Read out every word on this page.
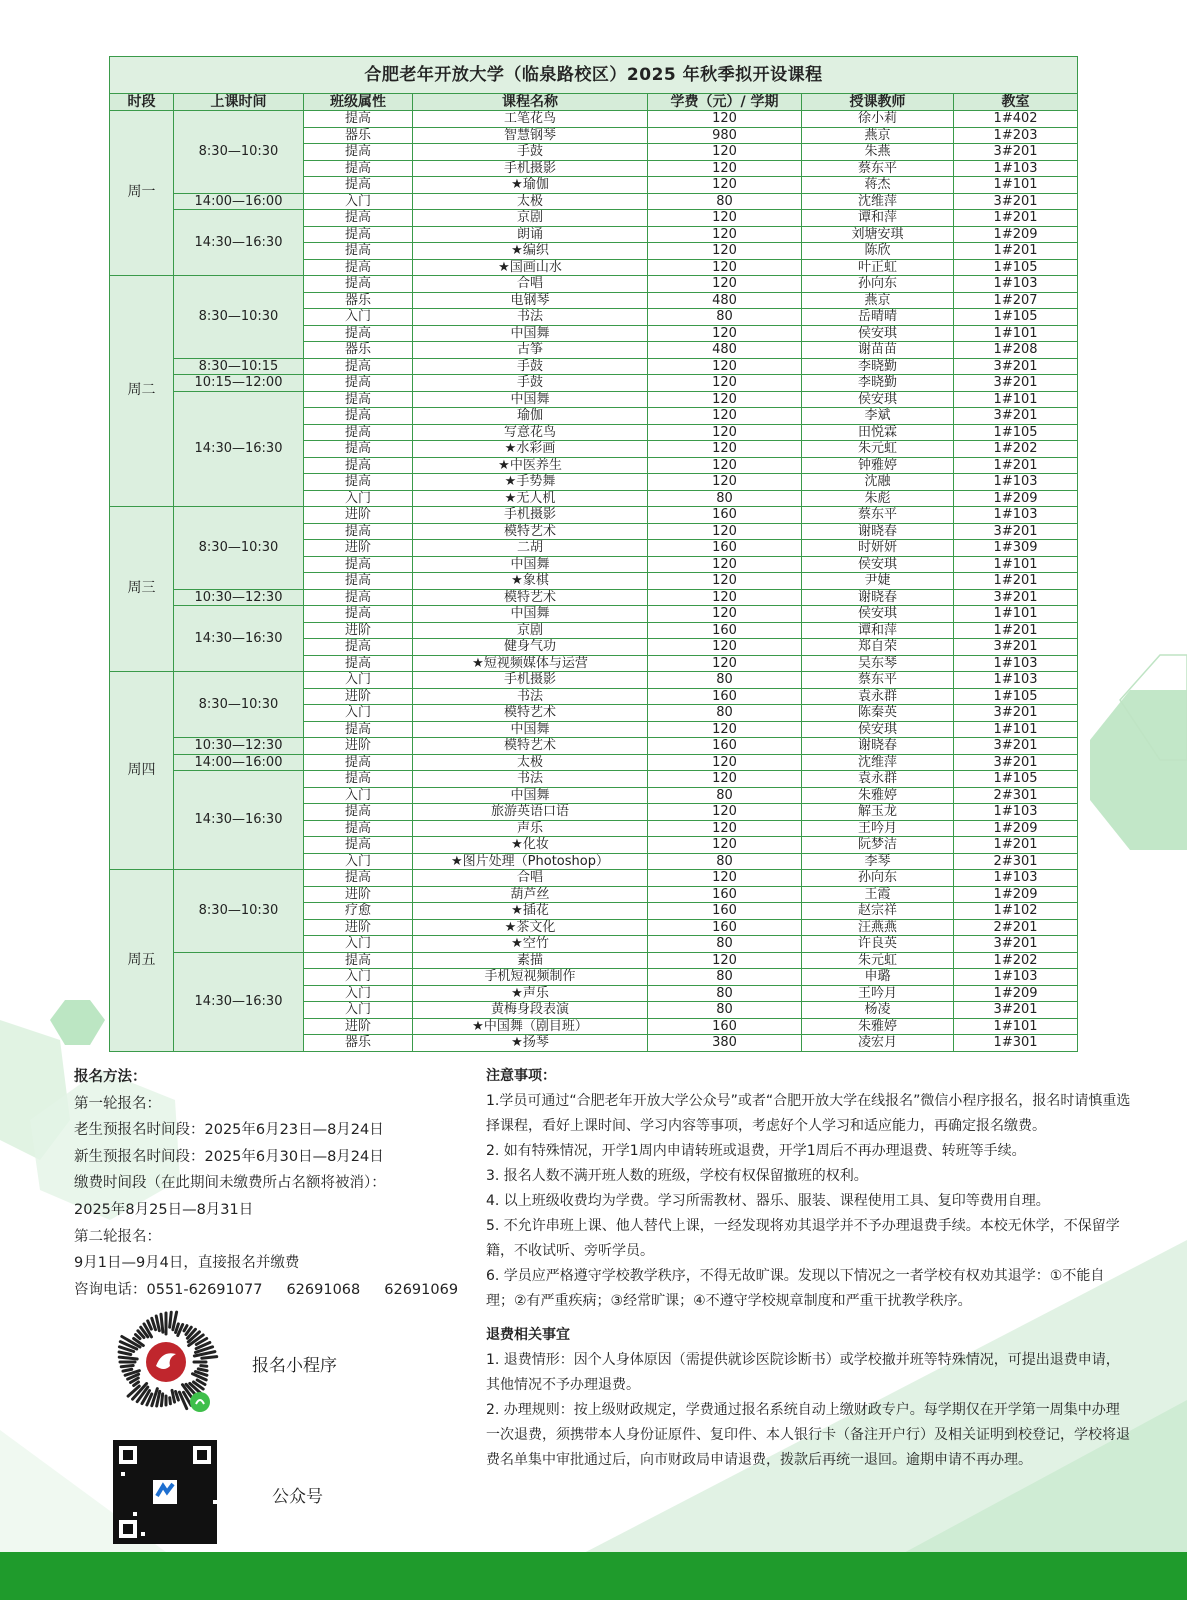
合肥老年开放大学（临泉路校区）2025 年秋季拟开设课程						
时段	上课时间	班级属性	课程名称	学费（元）/ 学期	授课教师	教室
周一	8:30—10:30	提高	工笔花鸟	120	徐小莉	1#402
		器乐	智慧钢琴	980	燕京	1#203
		提高	手鼓	120	朱燕	3#201
		提高	手机摄影	120	蔡东平	1#103
		提高	★瑜伽	120	蒋杰	1#101
	14:00—16:00	入门	太极	80	沈维萍	3#201
	14:30—16:30	提高	京剧	120	谭和萍	1#201
		提高	朗诵	120	刘塘安琪	1#209
		提高	★编织	120	陈欣	1#201
		提高	★国画山水	120	叶正虹	1#105
周二	8:30—10:30	提高	合唱	120	孙向东	1#103
		器乐	电钢琴	480	燕京	1#207
		入门	书法	80	岳晴晴	1#105
		提高	中国舞	120	侯安琪	1#101
		器乐	古筝	480	谢苗苗	1#208
	8:30—10:15	提高	手鼓	120	李晓勤	3#201
	10:15—12:00	提高	手鼓	120	李晓勤	3#201
	14:30—16:30	提高	中国舞	120	侯安琪	1#101
		提高	瑜伽	120	李斌	3#201
		提高	写意花鸟	120	田悦霖	1#105
		提高	★水彩画	120	朱元虹	1#202
		提高	★中医养生	120	钟雅婷	1#201
		提高	★手势舞	120	沈融	1#103
		入门	★无人机	80	朱彪	1#209
周三	8:30—10:30	进阶	手机摄影	160	蔡东平	1#103
		提高	模特艺术	120	谢晓春	3#201
		进阶	二胡	160	时妍妍	1#309
		提高	中国舞	120	侯安琪	1#101
		提高	★象棋	120	尹婕	1#201
	10:30—12:30	提高	模特艺术	120	谢晓春	3#201
	14:30—16:30	提高	中国舞	120	侯安琪	1#101
		进阶	京剧	160	谭和萍	1#201
		提高	健身气功	120	郑自荣	3#201
		提高	★短视频媒体与运营	120	吴东琴	1#103
周四	8:30—10:30	入门	手机摄影	80	蔡东平	1#103
		进阶	书法	160	袁永群	1#105
		入门	模特艺术	80	陈秦英	3#201
		提高	中国舞	120	侯安琪	1#101
	10:30—12:30	进阶	模特艺术	160	谢晓春	3#201
	14:00—16:00	提高	太极	120	沈维萍	3#201
	14:30—16:30	提高	书法	120	袁永群	1#105
		入门	中国舞	80	朱雅婷	2#301
		提高	旅游英语口语	120	解玉龙	1#103
		提高	声乐	120	王吟月	1#209
		提高	★化妆	120	阮梦洁	1#201
		入门	★图片处理（Photoshop）	80	李琴	2#301
周五	8:30—10:30	提高	合唱	120	孙向东	1#103
		进阶	葫芦丝	160	王霞	1#209
		疗愈	★插花	160	赵宗祥	1#102
		进阶	★茶文化	160	汪燕燕	2#201
		入门	★空竹	80	许良英	3#201
	14:30—16:30	提高	素描	120	朱元虹	1#202
		入门	手机短视频制作	80	申璐	1#103
		入门	★声乐	80	王吟月	1#209
		入门	黄梅身段表演	80	杨凌	3#201
		进阶	★中国舞（剧目班）	160	朱雅婷	1#101
		器乐	★扬琴	380	凌宏月	1#301
报名方法：
第一轮报名：
老生预报名时间段：2025年6月23日—8月24日
新生预报名时间段：2025年6月30日—8月24日
缴费时间段（在此期间未缴费所占名额将被消）：
2025年8月25日—8月31日
第二轮报名：
9月1日—9月4日，直接报名并缴费
咨询电话：0551-62691077 62691068 62691069
报名小程序
公众号

注意事项：

1.学员可通过“合肥老年开放大学公众号”或者“合肥开放大学在线报名”微信小程序报名，报名时请慎重选择课程，看好上课时间、学习内容等事项，考虑好个人学习和适应能力，再确定报名缴费。

2. 如有特殊情况，开学1周内申请转班或退费，开学1周后不再办理退费、转班等手续。

3. 报名人数不满开班人数的班级，学校有权保留撤班的权利。

4. 以上班级收费均为学费。学习所需教材、器乐、服装、课程使用工具、复印等费用自理。

5. 不允许串班上课、他人替代上课，一经发现将劝其退学并不予办理退费手续。本校无休学，不保留学籍，不收试听、旁听学员。

6. 学员应严格遵守学校教学秩序，不得无故旷课。发现以下情况之一者学校有权劝其退学：①不能自理；②有严重疾病；③经常旷课；④不遵守学校规章制度和严重干扰教学秩序。

退费相关事宜

1. 退费情形：因个人身体原因（需提供就诊医院诊断书）或学校撤并班等特殊情况，可提出退费申请，其他情况不予办理退费。

2. 办理规则：按上级财政规定，学费通过报名系统自动上缴财政专户。每学期仅在开学第一周集中办理一次退费，须携带本人身份证原件、复印件、本人银行卡（备注开户行）及相关证明到校登记，学校将退费名单集中审批通过后，向市财政局申请退费，拨款后再统一退回。逾期申请不再办理。
